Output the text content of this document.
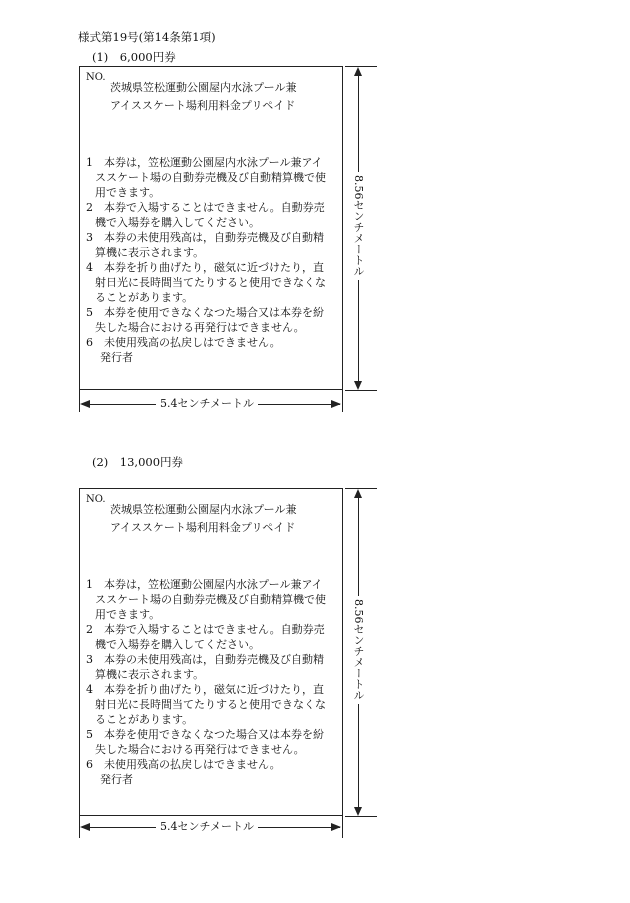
様式第19号(第14条第1項)
(1)　6,000円券
NO.
茨城県笠松運動公園屋内水泳プール兼
アイススケート場利用料金プリペイド
1　本券は，笠松運動公園屋内水泳プール兼アイ
ススケート場の自動券売機及び自動精算機で使
用できます。
2　本券で入場することはできません。自動券売
機で入場券を購入してください。
3　本券の未使用残高は，自動券売機及び自動精
算機に表示されます。
4　本券を折り曲げたり，磁気に近づけたり，直
射日光に長時間当てたりすると使用できなくな
ることがあります。
5　本券を使用できなくなつた場合又は本券を紛
失した場合における再発行はできません。
6　未使用残高の払戻しはできません。
発行者
8.56センチメートル
5.4センチメートル
(2)　13,000円券
NO.
茨城県笠松運動公園屋内水泳プール兼
アイススケート場利用料金プリペイド
1　本券は，笠松運動公園屋内水泳プール兼アイ
ススケート場の自動券売機及び自動精算機で使
用できます。
2　本券で入場することはできません。自動券売
機で入場券を購入してください。
3　本券の未使用残高は，自動券売機及び自動精
算機に表示されます。
4　本券を折り曲げたり，磁気に近づけたり，直
射日光に長時間当てたりすると使用できなくな
ることがあります。
5　本券を使用できなくなつた場合又は本券を紛
失した場合における再発行はできません。
6　未使用残高の払戻しはできません。
発行者
8.56センチメートル
5.4センチメートル
